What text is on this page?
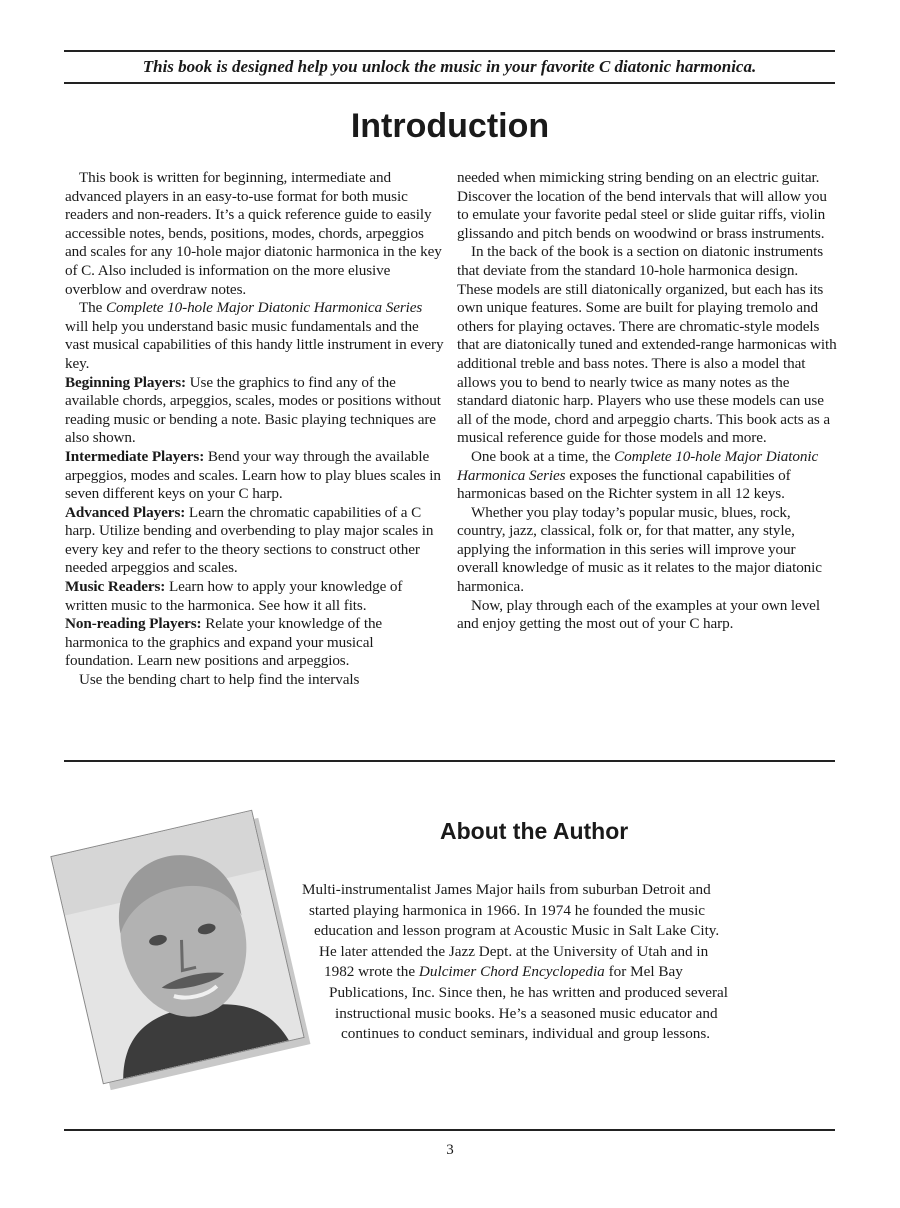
This book is designed help you unlock the music in your favorite C diatonic harmonica.
Introduction

This book is written for beginning, intermediate and advanced players in an easy-to-use format for both music readers and non-readers. It’s a quick reference guide to easily accessible notes, bends, positions, modes, chords, arpeggios and scales for any 10-hole major diatonic harmonica in the key of C. Also included is information on the more elusive overblow and overdraw notes.

The Complete 10-hole Major Diatonic Harmonica Series will help you understand basic music fundamentals and the vast musical capabilities of this handy little instrument in every key.

Beginning Players: Use the graphics to find any of the available chords, arpeggios, scales, modes or positions without reading music or bending a note. Basic playing techniques are also shown.

Intermediate Players: Bend your way through the available arpeggios, modes and scales. Learn how to play blues scales in seven different keys on your C harp.

Advanced Players: Learn the chromatic capabilities of a C harp. Utilize bending and overbending to play major scales in every key and refer to the theory sections to construct other needed arpeggios and scales.

Music Readers: Learn how to apply your knowledge of written music to the harmonica. See how it all fits.

Non-reading Players: Relate your knowledge of the harmonica to the graphics and expand your musical foundation. Learn new positions and arpeggios.

Use the bending chart to help find the intervals

needed when mimicking string bending on an electric guitar. Discover the location of the bend intervals that will allow you to emulate your favorite pedal steel or slide guitar riffs, violin glissando and pitch bends on woodwind or brass instruments.

In the back of the book is a section on diatonic instruments that deviate from the standard 10-hole harmonica design. These models are still diatonically organized, but each has its own unique features. Some are built for playing tremolo and others for playing octaves. There are chromatic-style models that are diatonically tuned and extended-range harmonicas with additional treble and bass notes. There is also a model that allows you to bend to nearly twice as many notes as the standard diatonic harp. Players who use these models can use all of the mode, chord and arpeggio charts. This book acts as a musical reference guide for those models and more.

One book at a time, the Complete 10-hole Major Diatonic Harmonica Series exposes the functional capabilities of harmonicas based on the Richter system in all 12 keys.

Whether you play today’s popular music, blues, rock, country, jazz, classical, folk or, for that matter, any style, applying the information in this series will improve your overall knowledge of music as it relates to the major diatonic harmonica.

Now, play through each of the examples at your own level and enjoy getting the most out of your C harp.

About the Author

Multi-instrumentalist James Major hails from suburban Detroit and
started playing harmonica in 1966. In 1974 he founded the music
education and lesson program at Acoustic Music in Salt Lake City.
He later attended the Jazz Dept. at the University of Utah and in
1982 wrote the Dulcimer Chord Encyclopedia for Mel Bay
Publications, Inc. Since then, he has written and produced several
instructional music books. He’s a seasoned music educator and
continues to conduct seminars, individual and group lessons.

3
